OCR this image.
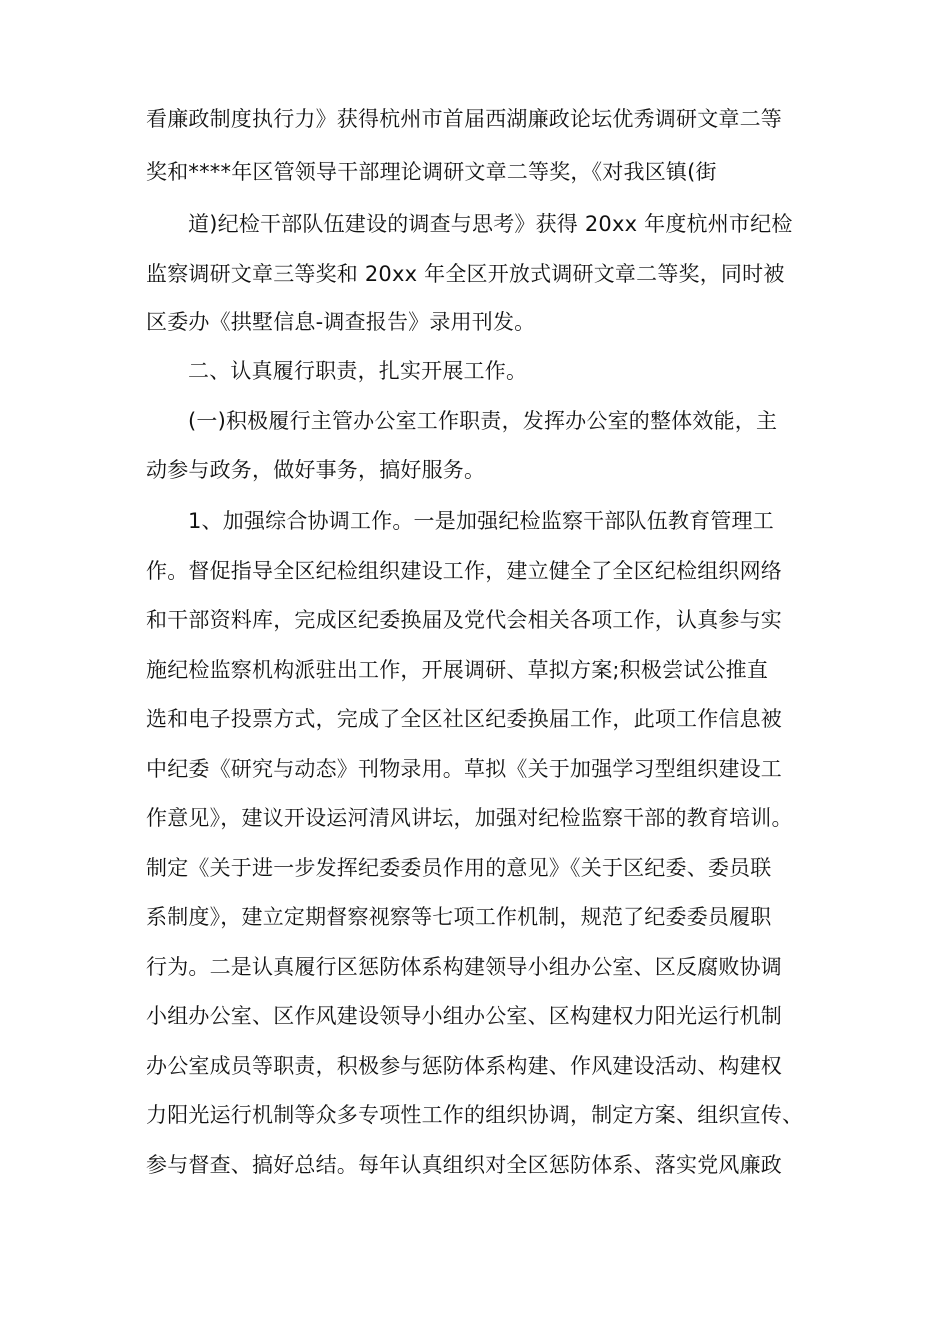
看廉政制度执行力》获得杭州市首届西湖廉政论坛优秀调研文章二等

奖和****年区管领导干部理论调研文章二等奖，《对我区镇(街

道)纪检干部队伍建设的调查与思考》获得 20xx 年度杭州市纪检

监察调研文章三等奖和 20xx 年全区开放式调研文章二等奖，同时被

区委办《拱墅信息-调查报告》录用刊发。

二、认真履行职责，扎实开展工作。

(一)积极履行主管办公室工作职责，发挥办公室的整体效能，主

动参与政务，做好事务，搞好服务。

1、加强综合协调工作。一是加强纪检监察干部队伍教育管理工

作。督促指导全区纪检组织建设工作，建立健全了全区纪检组织网络

和干部资料库，完成区纪委换届及党代会相关各项工作，认真参与实

施纪检监察机构派驻出工作，开展调研、草拟方案;积极尝试公推直

选和电子投票方式，完成了全区社区纪委换届工作，此项工作信息被

中纪委《研究与动态》刊物录用。草拟《关于加强学习型组织建设工

作意见》，建议开设运河清风讲坛，加强对纪检监察干部的教育培训。

制定《关于进一步发挥纪委委员作用的意见》《关于区纪委、委员联

系制度》，建立定期督察视察等七项工作机制，规范了纪委委员履职

行为。二是认真履行区惩防体系构建领导小组办公室、区反腐败协调

小组办公室、区作风建设领导小组办公室、区构建权力阳光运行机制

办公室成员等职责，积极参与惩防体系构建、作风建设活动、构建权

力阳光运行机制等众多专项性工作的组织协调，制定方案、组织宣传、

参与督查、搞好总结。每年认真组织对全区惩防体系、落实党风廉政
